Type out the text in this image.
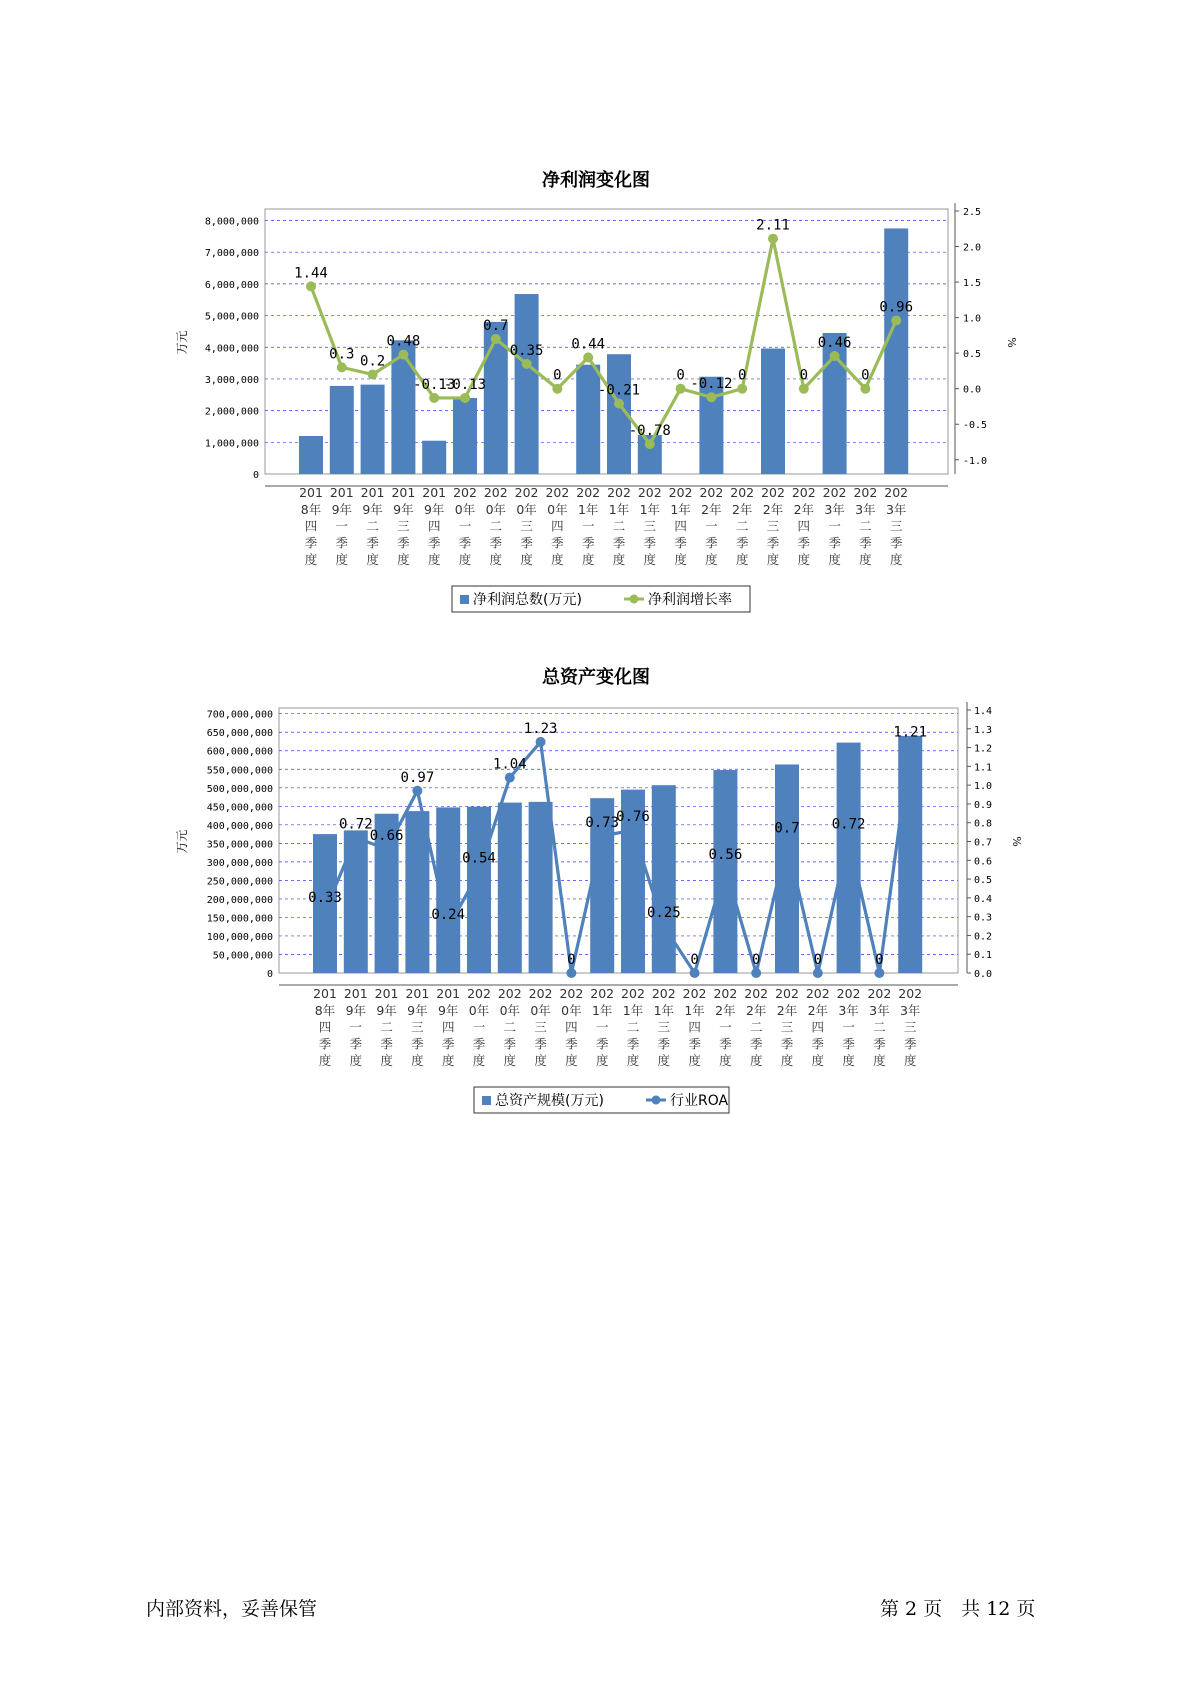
净利润变化图
0
1,000,000
2,000,000
3,000,000
4,000,000
5,000,000
6,000,000
7,000,000
8,000,000
-1.0
-0.5
0.0
0.5
1.0
1.5
2.0
2.5
万元	%
1.44
0.3 0.2
0.48
-0.13
-0.13
0.7
0.35
0
0.44
-0.21
-0.78
0
-0.12
0
2.11
0
0.46
0
0.96
201
8年
四
季
度
201
9年
一
季
度
201
9年
二
季
度
201
9年
三
季
度
201
9年
四
季
度
202
0年
一
季
度
202
0年
二
季
度
202
0年
三
季
度
202
0年
四
季
度
202
1年
一
季
度
202
1年
二
季
度
202
1年
三
季
度
202
1年
四
季
度
202
2年
一
季
度
202
2年
二
季
度
202
2年
三
季
度
202
2年
四
季
度
202
3年
一
季
度
202
3年
二
季
度
202
3年
三
季
度
净利润总数(万元)	净利润增长率
总资产变化图
0
50,000,000
100,000,000
150,000,000
200,000,000
250,000,000
300,000,000
350,000,000
400,000,000
450,000,000
500,000,000
550,000,000
600,000,000
650,000,000
700,000,000
0.0
0.1
0.2
0.3
0.4
0.5
0.6
0.7
0.8
0.9
1.0
1.1
1.2
1.3
1.4
万元	%
0.33
0.72
0.66
0.97
0.24
0.54
1.04
1.23
0
0.73
0.76
0.25
0
0.56
0
0.7
0
0.72
0
1.21
201
8年
四
季
度
201
9年
一
季
度
201
9年
二
季
度
201
9年
三
季
度
201
9年
四
季
度
202
0年
一
季
度
202
0年
二
季
度
202
0年
三
季
度
202
0年
四
季
度
202
1年
一
季
度
202
1年
二
季
度
202
1年
三
季
度
202
1年
四
季
度
202
2年
一
季
度
202
2年
二
季
度
202
2年
三
季
度
202
2年
四
季
度
202
3年
一
季
度
202
3年
二
季
度
202
3年
三
季
度
总资产规模(万元)	行业ROA
内部资料，妥善保管	第 2 页　共 12 页
